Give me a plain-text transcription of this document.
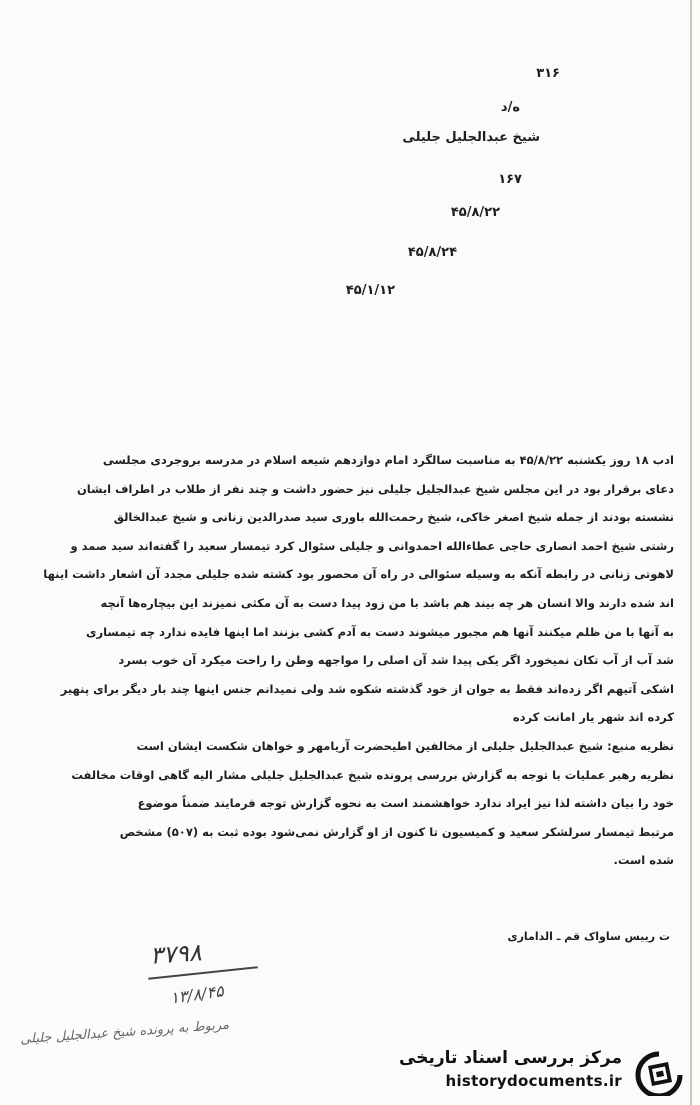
۳۱۶
ه/د
شیخ عبدالجلیل جلیلی
۱۶۷
۴۵/۸/۲۲
۴۵/۸/۲۴
۴۵/۱/۱۲
ادب ۱۸ روز یکشنبه ۴۵/۸/۲۲ به مناسبت سالگرد امام دوازدهم شیعه اسلام در مدرسه بروجردی مجلسی
دعای برقرار بود در این مجلس شیخ عبدالجلیل جلیلی نیز حضور داشت و چند نفر از طلاب در اطراف ایشان
نشسته بودند از جمله شیخ اصغر خاکی، شیخ رحمت‌الله باوری سید صدرالدین زنانی و شیخ عبدالخالق
رشتی شیخ احمد انصاری حاجی عطاءالله احمدوانی و جلیلی سئوال کرد تیمسار سعید را گفته‌اند سید صمد و
لاهوتی زنانی در رابطه آنکه به وسیله سئوالی در راه آن محصور بود کشته شده جلیلی مجدد آن اشعار داشت اینها
اند شده دارند والا انسان هر چه بیند هم باشد با من زود پیدا دست به آن مکثی نمیزند این بیچاره‌ها آنچه
به آنها با من ظلم میکنند آنها هم مجبور میشوند دست به آدم کشی بزنند اما اینها فایده ندارد چه تیمساری
شد آب از آب تکان نمیخورد اگر یکی پیدا شد آن اصلی را مواجهه وطن را راحت میکرد آن خوب بسرد
اشکی آتیهم اگر زده‌اند فقط به جوان از خود گذشته شکوه شد ولی نمیدانم جنس اینها چند بار دیگر برای پنهیر
کرده اند شهر یار امانت کرده
نظریه منبع: شیخ عبدالجلیل جلیلی از مخالفین اطیحضرت آریامهر و خواهان شکست ایشان است
نظریه رهبر عملیات با توجه به گزارش بررسی پرونده شیخ عبدالجلیل جلیلی مشار الیه گاهی اوقات مخالفت
خود را بیان داشته لذا نیز ایراد ندارد خواهشمند است به نحوه گزارش توجه فرمایند ضمناً موضوع
مرتبط تیمسار سرلشکر سعید و کمیسیون تا کنون از او گزارش نمی‌شود بوده ثبت به (۵۰۷) مشخص
شده است.
ت رییس ساواک قم ـ الداماری
۳۷۹۸
۱۳/۸/۴۵
مربوط به پرونده شیخ عبدالجلیل جلیلی
مرکز بررسی اسناد تاریخی
historydocuments.ir
